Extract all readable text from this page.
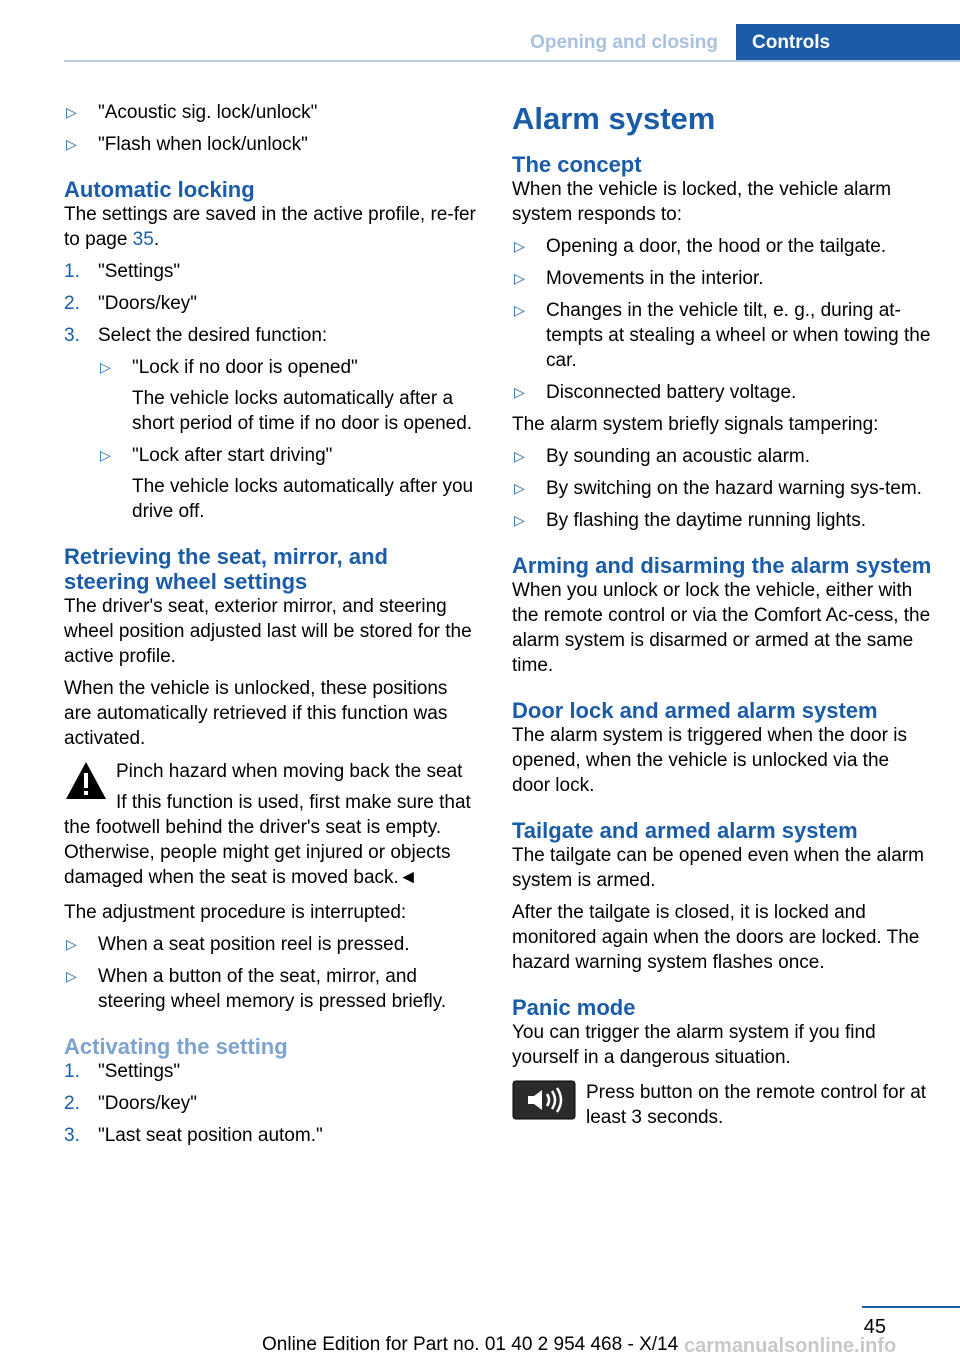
Opening and closing	Controls
▷ "Acoustic sig. lock/unlock"
▷ "Flash when lock/unlock"
Automatic locking

The settings are saved in the active profile, re‐fer to page 35.

1. "Settings"
2. "Doors/key"
3. Select the desired function:
▷ "Lock if no door is opened"
The vehicle locks automatically after a short period of time if no door is opened.
▷ "Lock after start driving"
The vehicle locks automatically after you drive off.
Retrieving the seat, mirror, and steering wheel settings

The driver's seat, exterior mirror, and steering wheel position adjusted last will be stored for the active profile.

When the vehicle is unlocked, these positions are automatically retrieved if this function was activated.

Pinch hazard when moving back the seat

If this function is used, first make sure that the footwell behind the driver's seat is empty. Otherwise, people might get injured or objects damaged when the seat is moved back.◄

The adjustment procedure is interrupted:

▷ When a seat position reel is pressed.
▷ When a button of the seat, mirror, and steering wheel memory is pressed briefly.
Activating the setting
1. "Settings"
2. "Doors/key"
3. "Last seat position autom."
Alarm system
The concept

When the vehicle is locked, the vehicle alarm system responds to:

▷ Opening a door, the hood or the tailgate.
▷ Movements in the interior.
▷ Changes in the vehicle tilt, e. g., during at‐tempts at stealing a wheel or when towing the car.
▷ Disconnected battery voltage.

The alarm system briefly signals tampering:

▷ By sounding an acoustic alarm.
▷ By switching on the hazard warning sys‐tem.
▷ By flashing the daytime running lights.
Arming and disarming the alarm system

When you unlock or lock the vehicle, either with the remote control or via the Comfort Ac‐cess, the alarm system is disarmed or armed at the same time.

Door lock and armed alarm system

The alarm system is triggered when the door is opened, when the vehicle is unlocked via the door lock.

Tailgate and armed alarm system

The tailgate can be opened even when the alarm system is armed.

After the tailgate is closed, it is locked and monitored again when the doors are locked. The hazard warning system flashes once.

Panic mode

You can trigger the alarm system if you find yourself in a dangerous situation.

Press button on the remote control for at least 3 seconds.

45
Online Edition for Part no. 01 40 2 954 468 - X/14 carmanualsonline.info
